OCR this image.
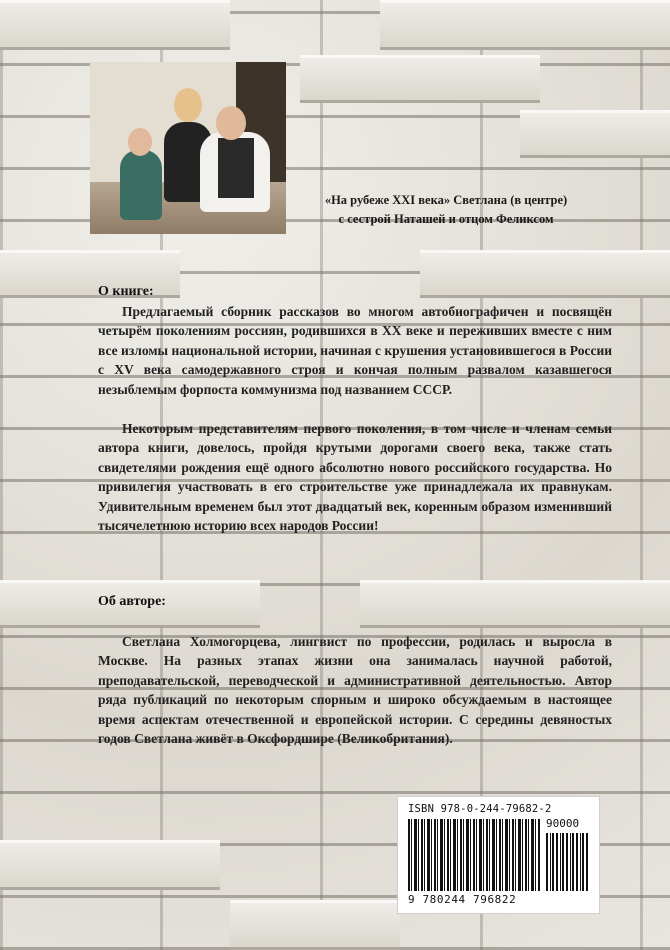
«На рубеже XXI века» Светлана (в центре)
с сестрой Наташей и отцом Феликсом
О книге:
Предлагаемый сборник рассказов во многом автобиографичен и посвящён четырём поколениям россиян, родившихся в XX веке и переживших вместе с ним все изломы национальной истории, начиная с крушения установившегося в России с XV века самодержавного строя и кончая полным развалом казавшегося незыблемым форпоста коммунизма под названием СССР.
Некоторым представителям первого поколения, в том числе и членам семьи автора книги, довелось, пройдя крутыми дорогами своего века, также стать свидетелями рождения ещё одного абсолютно нового российского государства. Но привилегия участвовать в его строительстве уже принадлежала их правнукам. Удивительным временем был этот двадцатый век, коренным образом изменивший тысячелетнюю историю всех народов России!
Об авторе:
Светлана Холмогорцева, лингвист по профессии, родилась и выросла в Москве. На разных этапах жизни она занималась научной работой, преподавательской, переводческой и административной деятельностью. Автор ряда публикаций по некоторым спорным и широко обсуждаемым в настоящее время аспектам отечественной и европейской истории. С середины девяностых годов Светлана живёт в Оксфордшире (Великобритания).
ISBN 978-0-244-79682-2
90000
9 780244 796822
